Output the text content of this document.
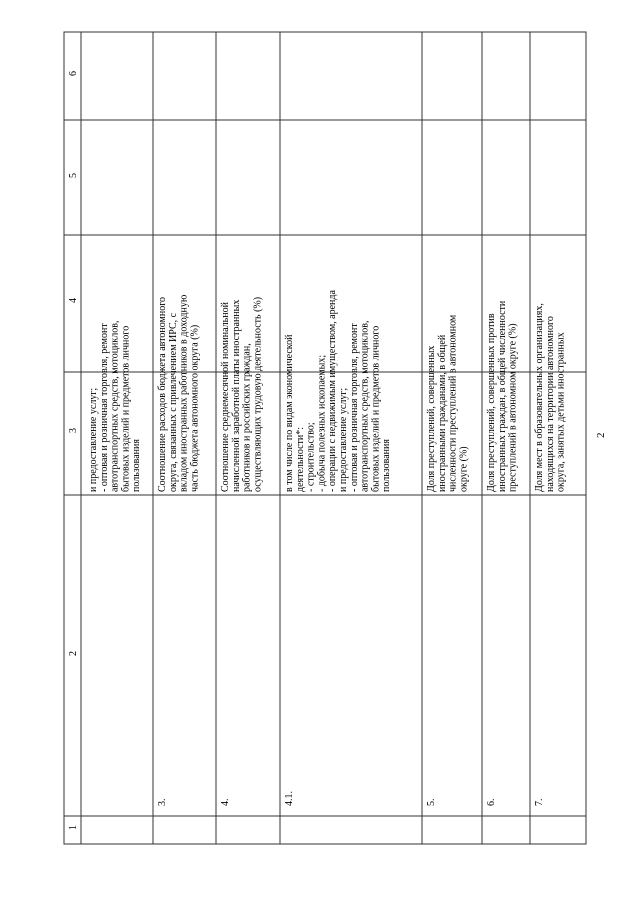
2
1
2
3
4
5
6
и предоставление услуг; - оптовая и розничная торговля, ремонт автотранспортных средств, мотоциклов, бытовых изделий и предметов личного пользования
3.
Соотношение расходов бюджета автономного округа, связанных с привлечением ИРС, с вкладом иностранных работников в доходную часть бюджета автономного округа (%)
4.
Соотношение среднемесячной номинальной начисленной заработной платы иностранных работников и российских граждан, осуществляющих трудовую деятельность (%)
4.1.
в том числе по видам экономической деятельности*: - строительство; - добыча полезных ископаемых; - операции с недвижимым имуществом, аренда и предоставление услуг; - оптовая и розничная торговля, ремонт автотранспортных средств, мотоциклов, бытовых изделий и предметов личного пользования
5.
Доля преступлений, совершенных иностранными гражданами, в общей численности преступлений в автономном округе (%)
6.
Доля преступлений, совершенных против иностранных граждан, в общей численности преступлений в автономном округе (%)
7.
Доля мест в образовательных организациях, находящихся на территории автономного округа, занятых детьми иностранных
